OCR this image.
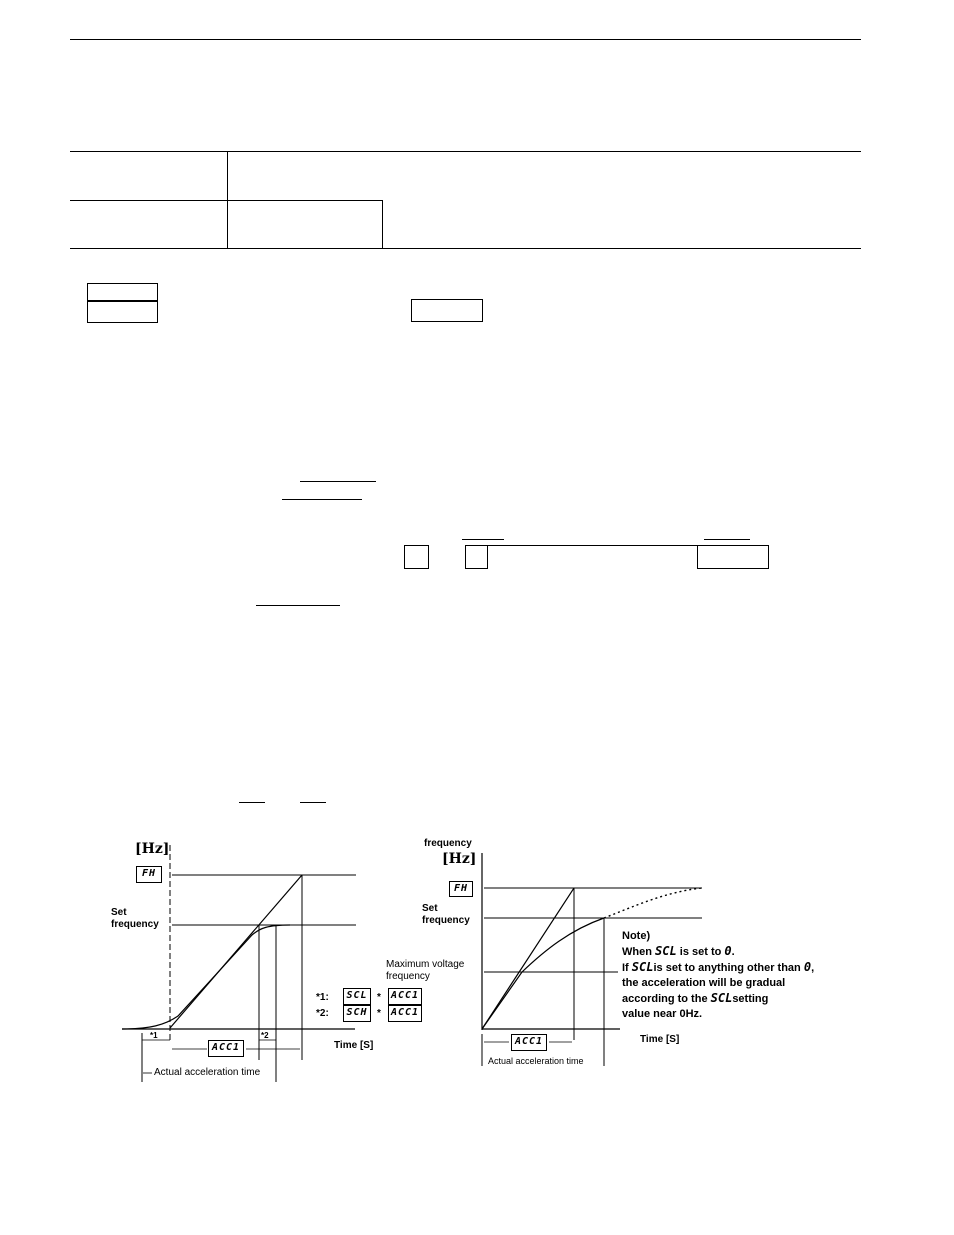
[Hz]
FH
Set
frequency
*1:	SCL * ACC1
*2:	SCH * ACC1
*1	*2
ACC1	Time [S]
Actual acceleration time
frequency
[Hz]
FH
Set
frequency
Maximum voltage
frequency
ACC1	Time [S]
Actual acceleration time
Note)
When SCL is set to 0.
If SCLis set to anything other than 0,
the acceleration will be gradual
according to the SCLsetting
value near 0Hz.
